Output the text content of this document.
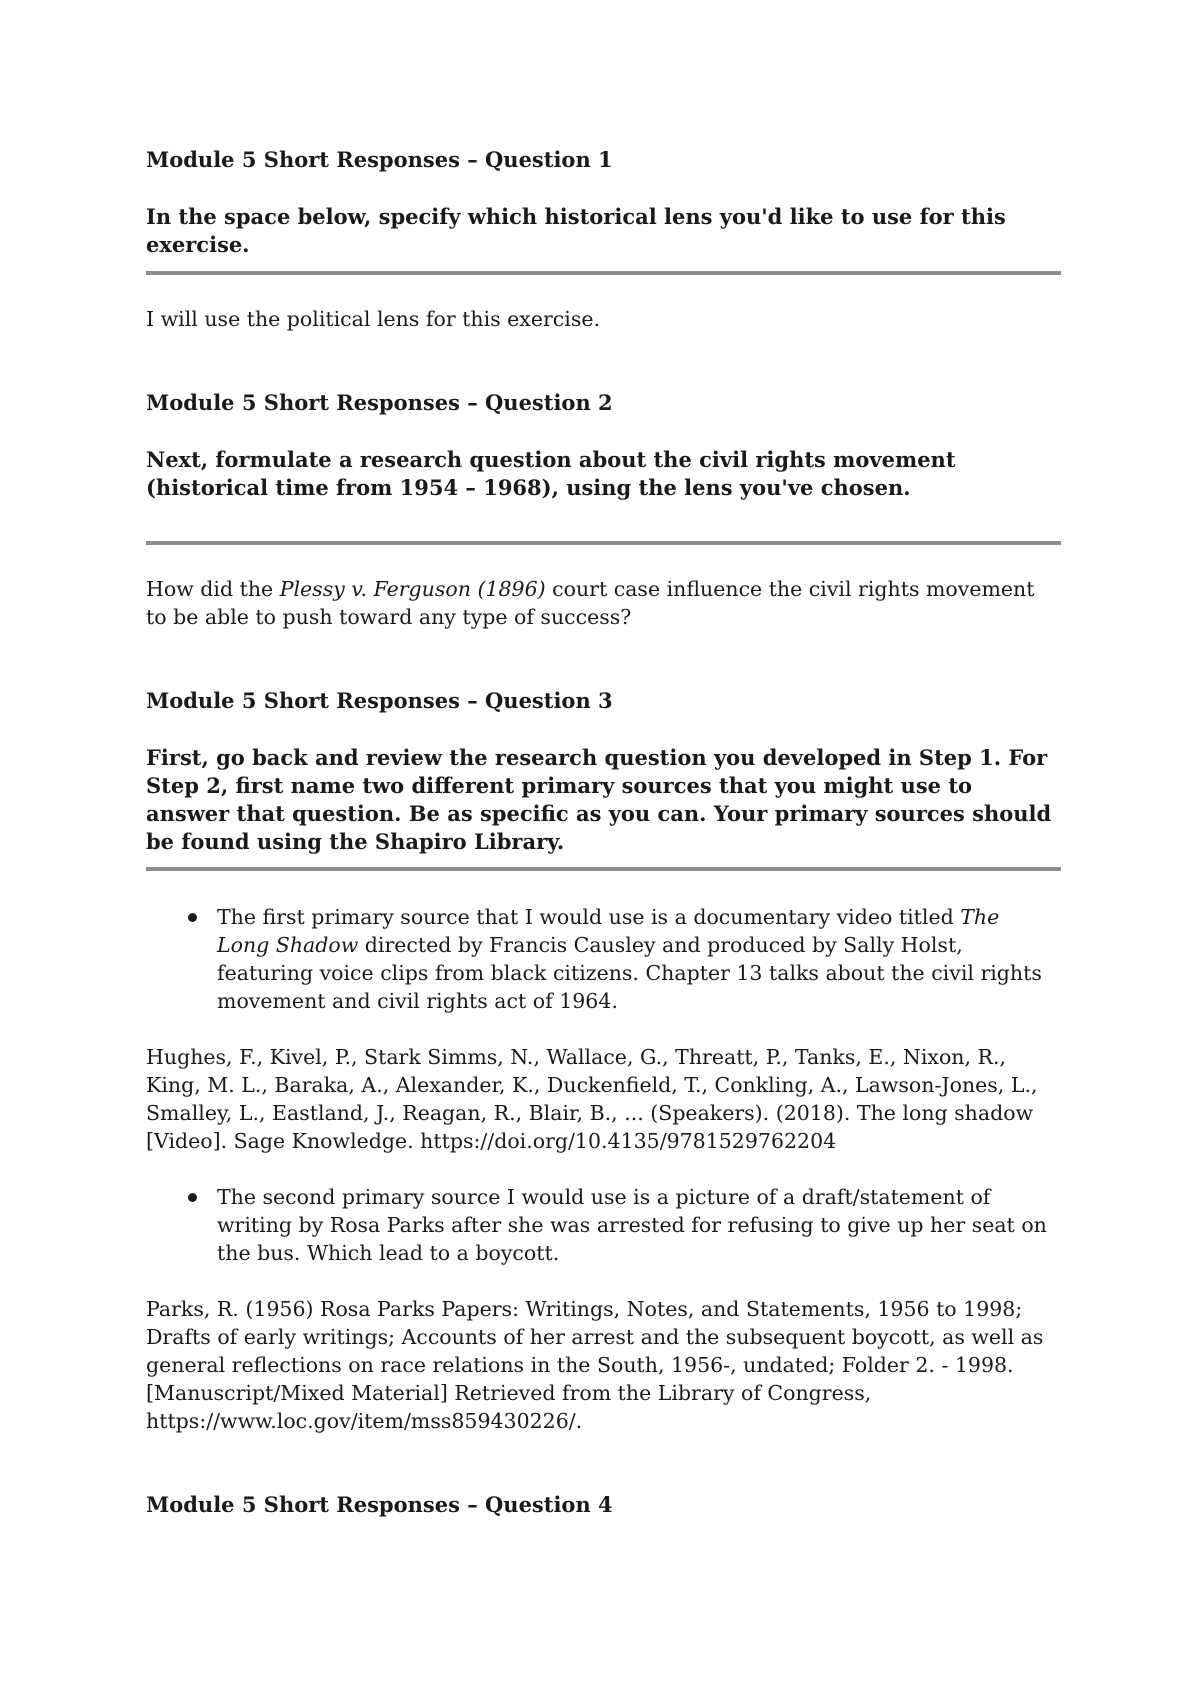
Module 5 Short Responses – Question 1

In the space below, specify which historical lens you'd like to use for this exercise.

I will use the political lens for this exercise.

Module 5 Short Responses – Question 2

Next, formulate a research question about the civil rights movement (historical time from 1954 – 1968), using the lens you've chosen.

How did the Plessy v. Ferguson (1896) court case influence the civil rights movement to be able to push toward any type of success?

Module 5 Short Responses – Question 3

First, go back and review the research question you developed in Step 1. For Step 2, first name two different primary sources that you might use to answer that question. Be as specific as you can. Your primary sources should be found using the Shapiro Library.

The first primary source that I would use is a documentary video titled The Long Shadow directed by Francis Causley and produced by Sally Holst, featuring voice clips from black citizens. Chapter 13 talks about the civil rights movement and civil rights act of 1964.

Hughes, F., Kivel, P., Stark Simms, N., Wallace, G., Threatt, P., Tanks, E., Nixon, R., King, M. L., Baraka, A., Alexander, K., Duckenfield, T., Conkling, A., Lawson-Jones, L., Smalley, L., Eastland, J., Reagan, R., Blair, B., ... (Speakers). (2018). The long shadow [Video]. Sage Knowledge. https://doi.org/10.4135/9781529762204

The second primary source I would use is a picture of a draft/statement of writing by Rosa Parks after she was arrested for refusing to give up her seat on the bus. Which lead to a boycott.

Parks, R. (1956) Rosa Parks Papers: Writings, Notes, and Statements, 1956 to 1998; Drafts of early writings; Accounts of her arrest and the subsequent boycott, as well as general reflections on race relations in the South, 1956-, undated; Folder 2. - 1998. [Manuscript/Mixed Material] Retrieved from the Library of Congress, https://www.loc.gov/item/mss859430226/.

Module 5 Short Responses – Question 4
